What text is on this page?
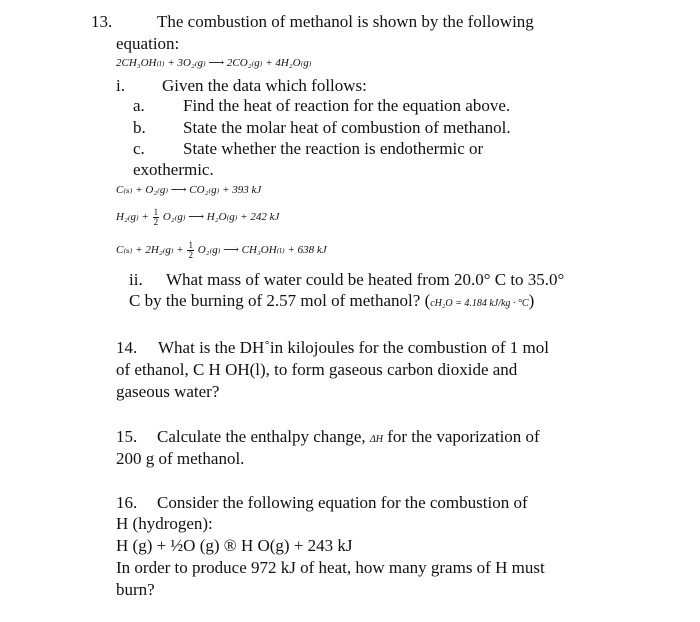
13.	The combustion of methanol is shown by the following
equation:
2CH₃OH₍ₗ₎ + 3O₂₍g₎ ⟶ 2CO₂₍g₎ + 4H₂O₍g₎
i. Given the data which follows:
a. Find the heat of reaction for the equation above.
b. State the molar heat of combustion of methanol.
c. State whether the reaction is endothermic or
exothermic.
C₍ₛ₎ + O₂₍g₎ ⟶ CO₂₍g₎ + 393 kJ
$H_{2(}g_) + \frac{1}{2} O_{2(}g_)$ ⟶ H₂O₍g₎ + 242 kJ
$C_{(s)} + 2H_{2(}g_) + \frac{1}{2} O_{2(}g_)$ ⟶ CH₃OH₍ₗ₎ + 638 kJ
ii. What mass of water could be heated from 20.0° C to 35.0°
C by the burning of 2.57 mol of methanol? (cH₂O = 4.184 kJ/kg · °C)
14. What is the DH˚in kilojoules for the combustion of 1 mol
of ethanol, C H OH(l), to form gaseous carbon dioxide and
gaseous water?
15. Calculate the enthalpy change, ΔH for the vaporization of
200 g of methanol.
16. Consider the following equation for the combustion of
H (hydrogen):
H (g) + ½O (g) ® H O(g) + 243 kJ
In order to produce 972 kJ of heat, how many grams of H must
burn?
